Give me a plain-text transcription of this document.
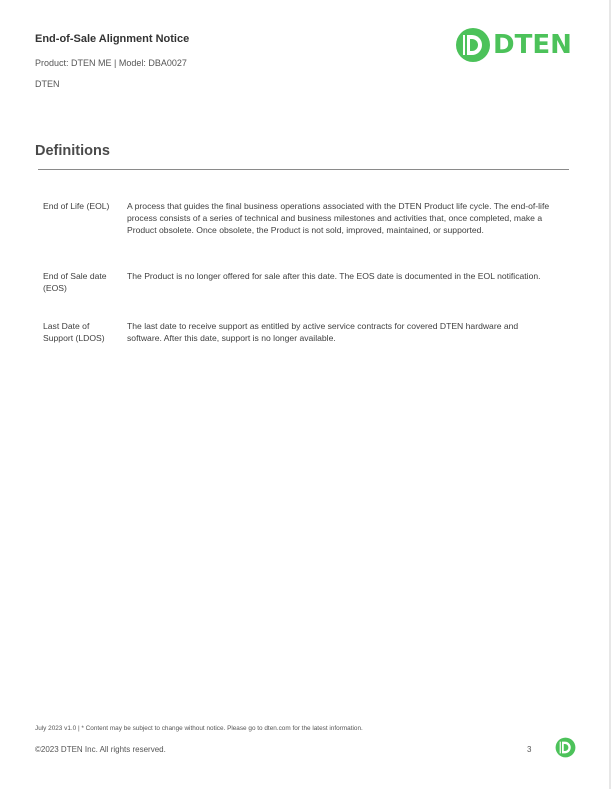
End-of-Sale Alignment Notice
Product: DTEN ME | Model: DBA0027
DTEN
DTEN
Definitions
End of Life (EOL)	A process that guides the final business operations associated with the DTEN Product life cycle. The end-of-life process consists of a series of technical and business milestones and activities that, once completed, make a Product obsolete. Once obsolete, the Product is not sold, improved, maintained, or supported.
End of Sale date (EOS)
The Product is no longer offered for sale after this date. The EOS date is documented in the EOL notification.
Last Date of Support (LDOS)
The last date to receive support as entitled by active service contracts for covered DTEN hardware and software. After this date, support is no longer available.
July 2023 v1.0 | * Content may be subject to change without notice. Please go to dten.com for the latest information.
©2023 DTEN Inc. All rights reserved.	3
